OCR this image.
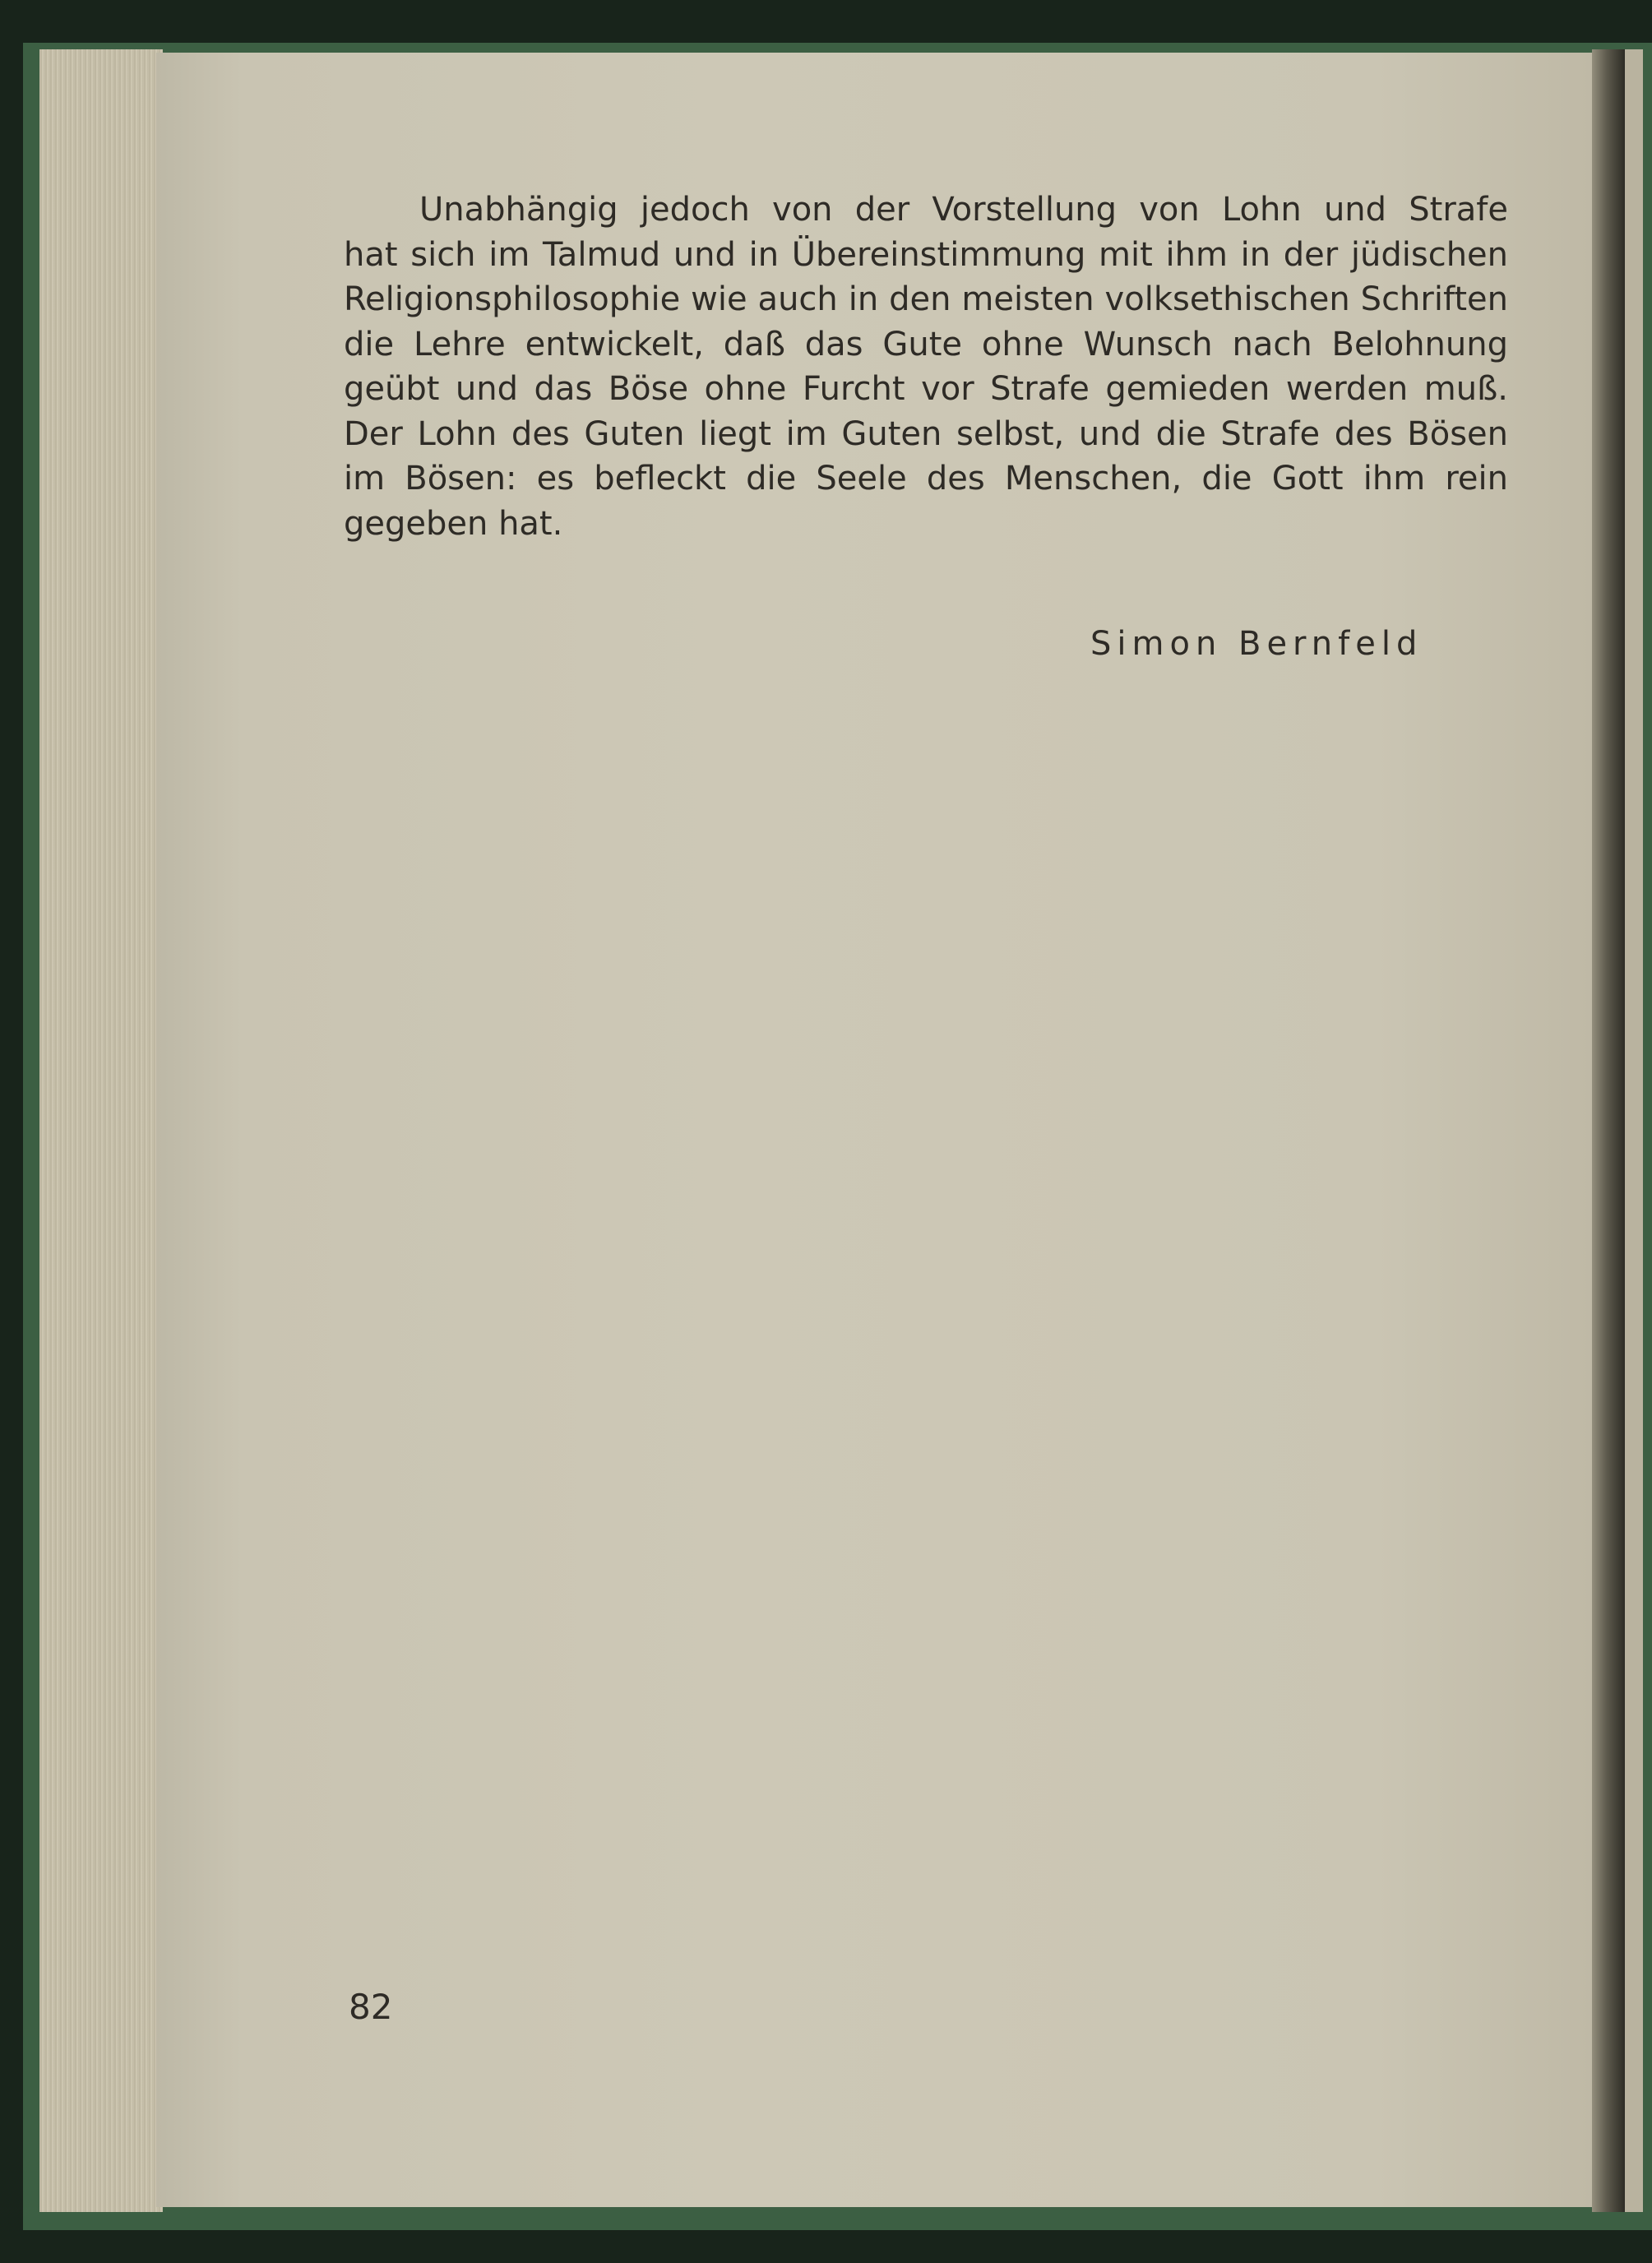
Unabhängig jedoch von der Vorstellung von Lohn und Strafe
hat sich im Talmud und in Übereinstimmung mit ihm in der jüdischen
Religionsphilosophie wie auch in den meisten volksethischen Schriften
die Lehre entwickelt, daß das Gute ohne Wunsch nach Belohnung
geübt und das Böse ohne Furcht vor Strafe gemieden werden muß.
Der Lohn des Guten liegt im Guten selbst, und die Strafe des Bösen
im Bösen: es befleckt die Seele des Menschen, die Gott ihm rein
gegeben hat.
Simon Bernfeld
82
